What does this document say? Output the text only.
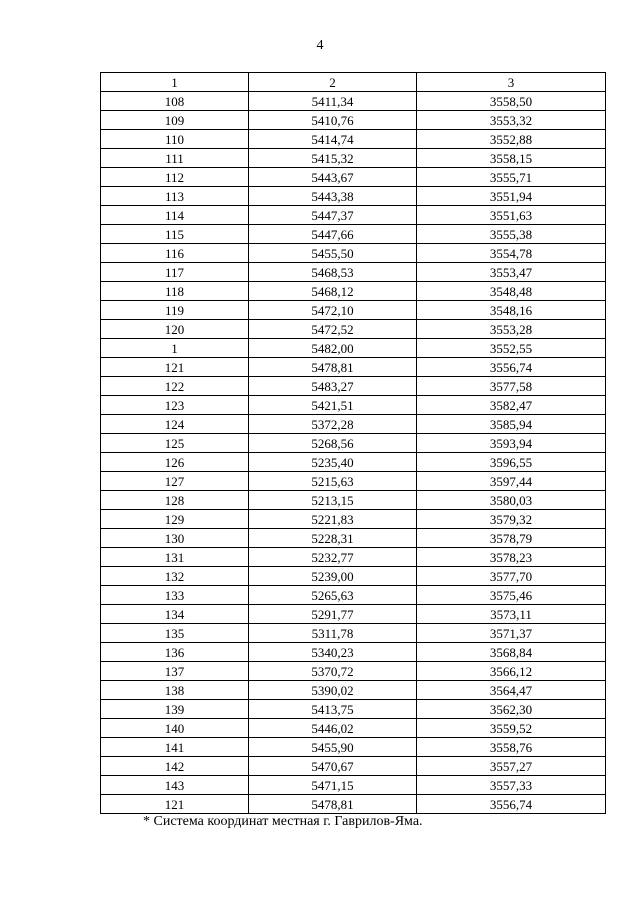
4
1	2	3
108	5411,34	3558,50
109	5410,76	3553,32
110	5414,74	3552,88
111	5415,32	3558,15
112	5443,67	3555,71
113	5443,38	3551,94
114	5447,37	3551,63
115	5447,66	3555,38
116	5455,50	3554,78
117	5468,53	3553,47
118	5468,12	3548,48
119	5472,10	3548,16
120	5472,52	3553,28
1	5482,00	3552,55
121	5478,81	3556,74
122	5483,27	3577,58
123	5421,51	3582,47
124	5372,28	3585,94
125	5268,56	3593,94
126	5235,40	3596,55
127	5215,63	3597,44
128	5213,15	3580,03
129	5221,83	3579,32
130	5228,31	3578,79
131	5232,77	3578,23
132	5239,00	3577,70
133	5265,63	3575,46
134	5291,77	3573,11
135	5311,78	3571,37
136	5340,23	3568,84
137	5370,72	3566,12
138	5390,02	3564,47
139	5413,75	3562,30
140	5446,02	3559,52
141	5455,90	3558,76
142	5470,67	3557,27
143	5471,15	3557,33
121	5478,81	3556,74
* Система координат местная г. Гаврилов-Яма.
